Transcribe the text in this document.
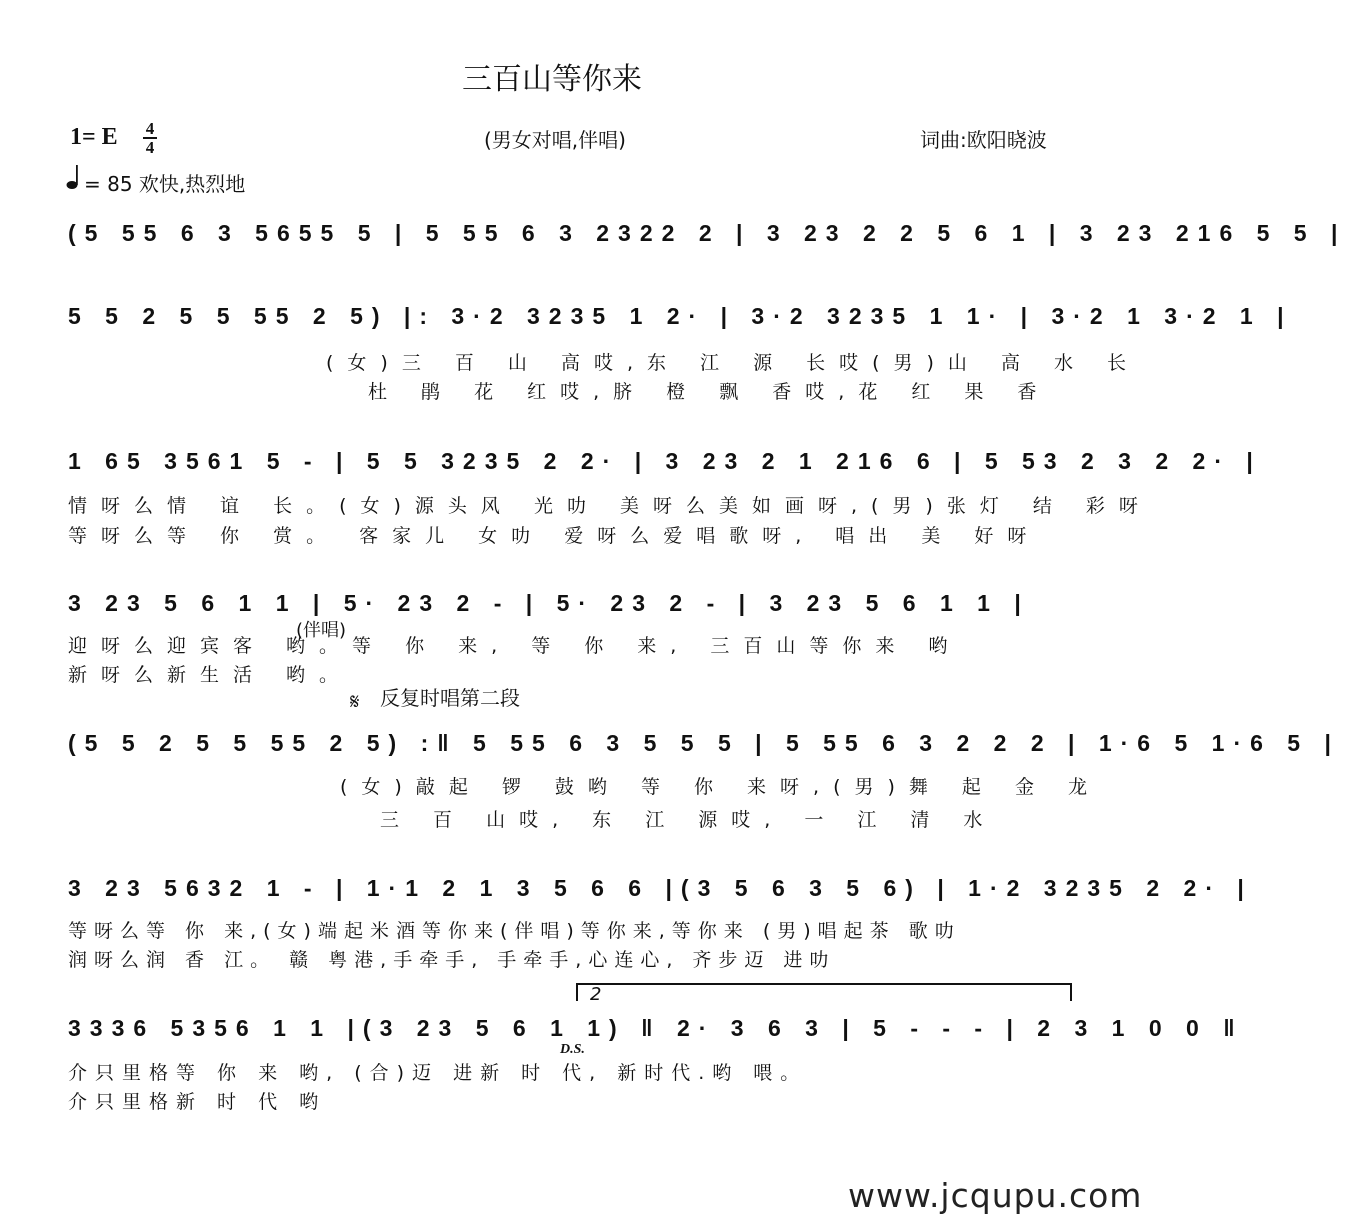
三百山等你来
1= E 4
4	(男女对唱,伴唱)	词曲:欧阳晓波
= 85 欢快,热烈地
(5 55 6 3 5655 5 | 5 55 6 3 2322 2 | 3 23 2 2 5 6 1 | 3 23 216 5 5 |
5 5 2 5 5 55 2 5) |: 3·2 3235 1 2· | 3·2 3235 1 1· | 3·2 1 3·2 1 |
(女)三 百 山 高哎,东 江 源 长哎(男)山 高 水 长
杜 鹃 花 红哎,脐 橙 飘 香哎,花 红 果 香
1 65 3561 5 - | 5 5 3235 2 2· | 3 23 2 1 216 6 | 5 53 2 3 2 2· |
情呀么情 谊 长。(女)源头风 光叻 美呀么美如画呀,(男)张灯 结 彩呀
等呀么等 你 赏。 客家儿 女叻 爱呀么爱唱歌呀, 唱出 美 好呀
3 23 5 6 1 1 | 5· 23 2 - | 5· 23 2 - | 3 23 5 6 1 1 |
(伴唱)
迎呀么迎宾客 哟。等 你 来, 等 你 来, 三百山等你来 哟
新呀么新生活 哟。
反复时唱第二段
𝄋
(5 5 2 5 5 55 2 5) :‖ 5 55 6 3 5 5 5 | 5 55 6 3 2 2 2 | 1·6 5 1·6 5 |
(女)敲起 锣 鼓哟 等 你 来呀,(男)舞 起 金 龙
三 百 山哎, 东 江 源哎, 一 江 清 水
3 23 5632 1 - | 1·1 2 1 3 5 6 6 |(3 5 6 3 5 6) | 1·2 3235 2 2· |
等呀么等 你 来,(女)端起米酒等你来(伴唱)等你来,等你来 (男)唱起茶 歌叻
润呀么润 香 江。 赣 粤港,手牵手, 手牵手,心连心, 齐步迈 进叻
2
3336 5356 1 1 |(3 23 5 6 1 1) ‖ 2· 3 6 3 | 5 - - - | 2 3 1 0 0 ‖
D.S.
介只里格等 你 来 哟, (合)迈 进新 时 代, 新时代.哟 喂。
介只里格新 时 代 哟
www.jcqupu.com
